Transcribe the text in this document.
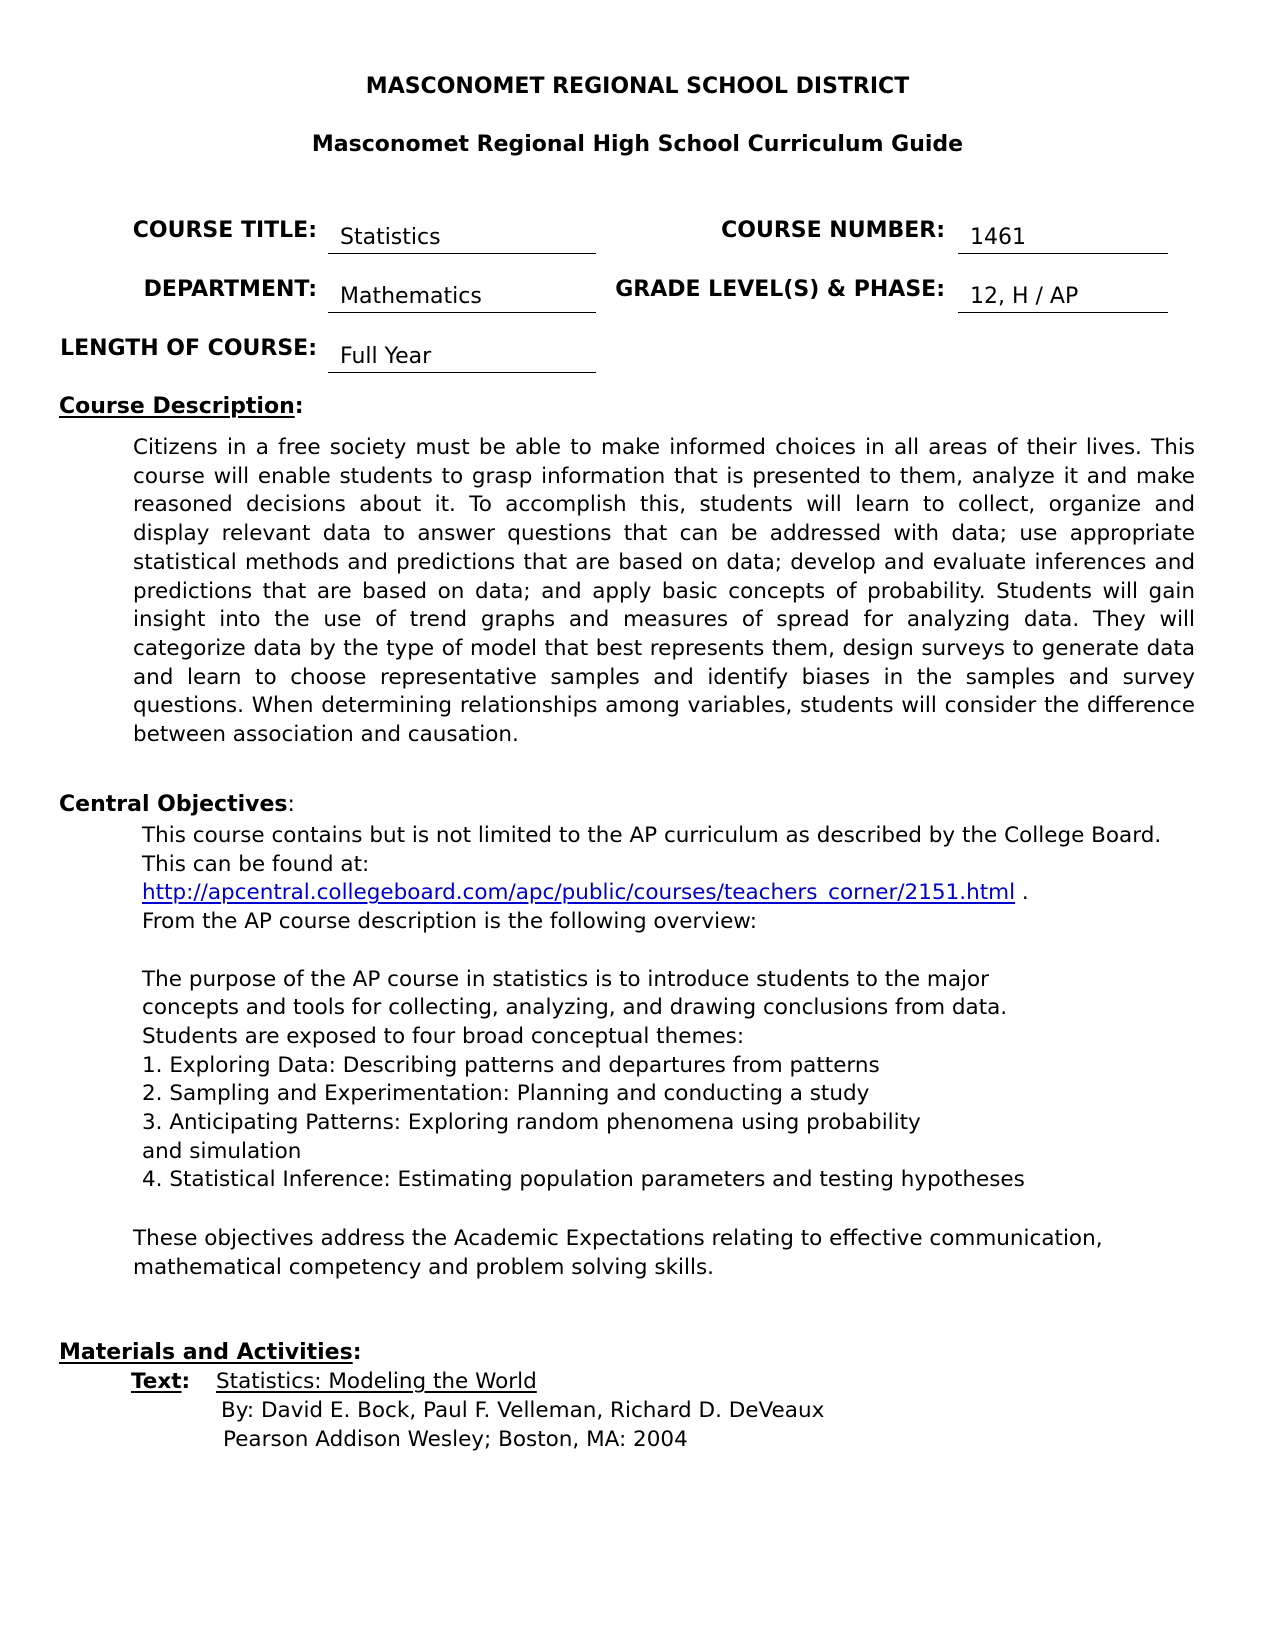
MASCONOMET REGIONAL SCHOOL DISTRICT
Masconomet Regional High School Curriculum Guide
COURSE TITLE:	Statistics	COURSE NUMBER:	1461
DEPARTMENT:	Mathematics	GRADE LEVEL(S) & PHASE:	12, H / AP
LENGTH OF COURSE:	Full Year
Course Description:
Citizens in a free society must be able to make informed choices in all areas of their lives. This
course will enable students to grasp information that is presented to them, analyze it and make
reasoned decisions about it. To accomplish this, students will learn to collect, organize and
display relevant data to answer questions that can be addressed with data; use appropriate
statistical methods and predictions that are based on data; develop and evaluate inferences and
predictions that are based on data; and apply basic concepts of probability. Students will gain
insight into the use of trend graphs and measures of spread for analyzing data. They will
categorize data by the type of model that best represents them, design surveys to generate data
and learn to choose representative samples and identify biases in the samples and survey
questions. When determining relationships among variables, students will consider the difference
between association and causation.
Central Objectives:
This course contains but is not limited to the AP curriculum as described by the College Board.
This can be found at:
http://apcentral.collegeboard.com/apc/public/courses/teachers_corner/2151.html .
From the AP course description is the following overview:
The purpose of the AP course in statistics is to introduce students to the major
concepts and tools for collecting, analyzing, and drawing conclusions from data.
Students are exposed to four broad conceptual themes:
1. Exploring Data: Describing patterns and departures from patterns
2. Sampling and Experimentation: Planning and conducting a study
3. Anticipating Patterns: Exploring random phenomena using probability
and simulation
4. Statistical Inference: Estimating population parameters and testing hypotheses
These objectives address the Academic Expectations relating to effective communication,
mathematical competency and problem solving skills.
Materials and Activities:
Text: Statistics: Modeling the World
By: David E. Bock, Paul F. Velleman, Richard D. DeVeaux
Pearson Addison Wesley; Boston, MA: 2004
